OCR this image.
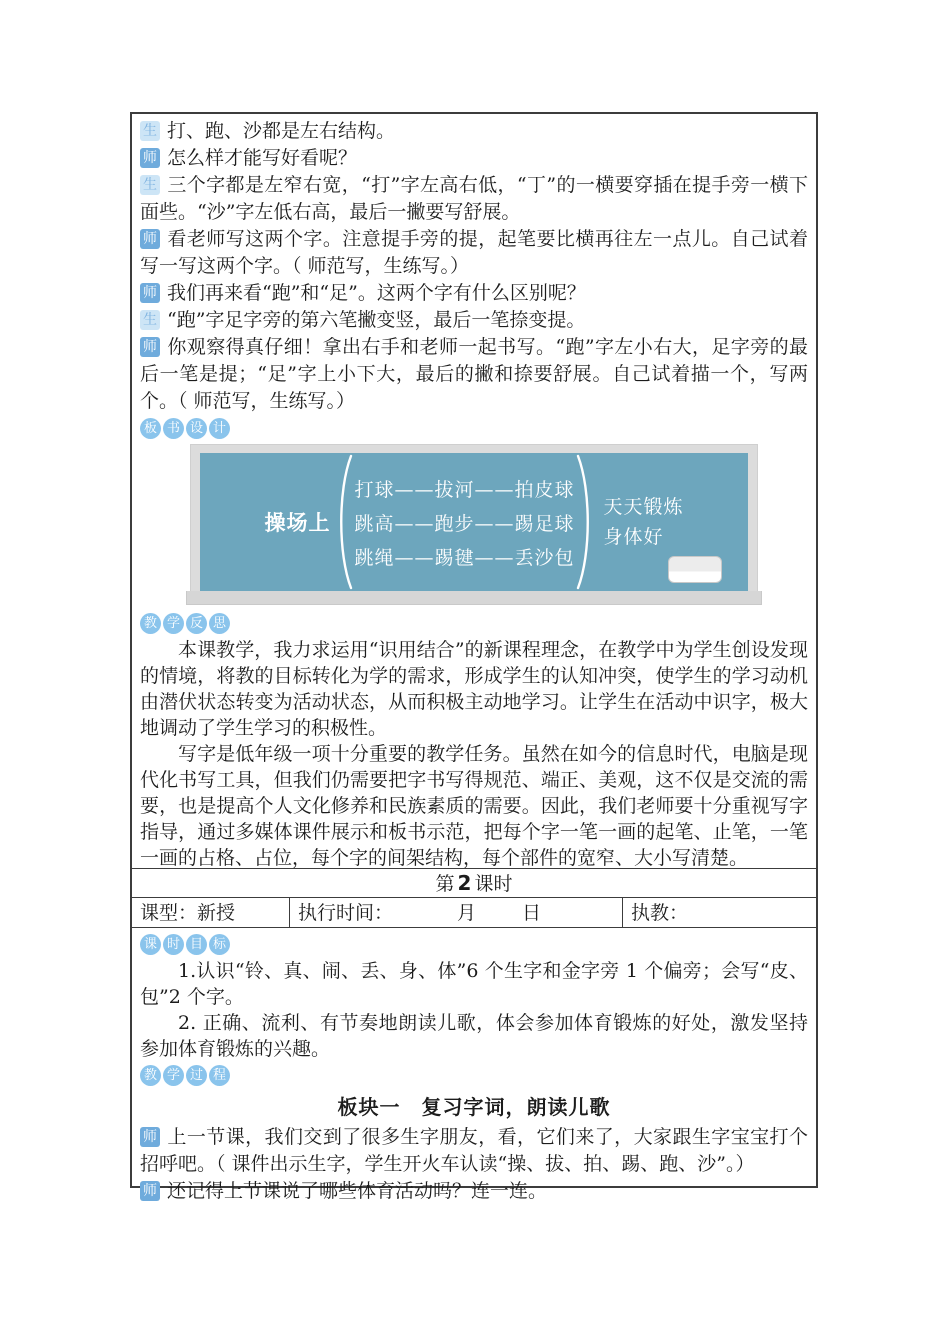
生 打、跑、沙都是左右结构。

师 怎么样才能写好看呢？

生 三个字都是左窄右宽，“打”字左高右低，“丁”的一横要穿插在提手旁一横下面些。“沙”字左低右高，最后一撇要写舒展。

师 看老师写这两个字。注意提手旁的提，起笔要比横再往左一点儿。自己试着写一写这两个字。（ 师范写，生练写。）

师 我们再来看“跑”和“足”。这两个字有什么区别呢？

生 “跑”字足字旁的第六笔撇变竖，最后一笔捺变提。

师 你观察得真仔细！拿出右手和老师一起书写。“跑”字左小右大，足字旁的最后一笔是提；“足”字上小下大，最后的撇和捺要舒展。自己试着描一个，写两个。（ 师范写，生练写。）

板 书 设 计
操场上
打球——拔河——拍皮球
跳高——跑步——踢足球
跳绳——踢毽——丢沙包
天天锻炼
身体好
教 学 反 思

本课教学，我力求运用“识用结合”的新课程理念，在教学中为学生创设发现的情境，将教的目标转化为学的需求，形成学生的认知冲突，使学生的学习动机由潜伏状态转变为活动状态，从而积极主动地学习。让学生在活动中识字，极大地调动了学生学习的积极性。

写字是低年级一项十分重要的教学任务。虽然在如今的信息时代，电脑是现代化书写工具，但我们仍需要把字书写得规范、端正、美观，这不仅是交流的需要，也是提高个人文化修养和民族素质的需要。因此，我们老师要十分重视写字指导，通过多媒体课件展示和板书示范，把每个字一笔一画的起笔、止笔，一笔一画的占格、占位，每个字的间架结构，每个部件的宽窄、大小写清楚。

第 2 课时
课型：新授	执行时间：	月 日	执教：
课 时 目 标

1.认识“铃、真、闹、丢、身、体”6 个生字和金字旁 1 个偏旁；会写“皮、包”2 个字。

2. 正确、流利、有节奏地朗读儿歌，体会参加体育锻炼的好处，激发坚持参加体育锻炼的兴趣。

教 学 过 程
板块一　复习字词，朗读儿歌

师 上一节课，我们交到了很多生字朋友，看，它们来了，大家跟生字宝宝打个招呼吧。（ 课件出示生字，学生开火车认读“操、拔、拍、踢、跑、沙”。）

师 还记得上节课说了哪些体育活动吗？连一连。
